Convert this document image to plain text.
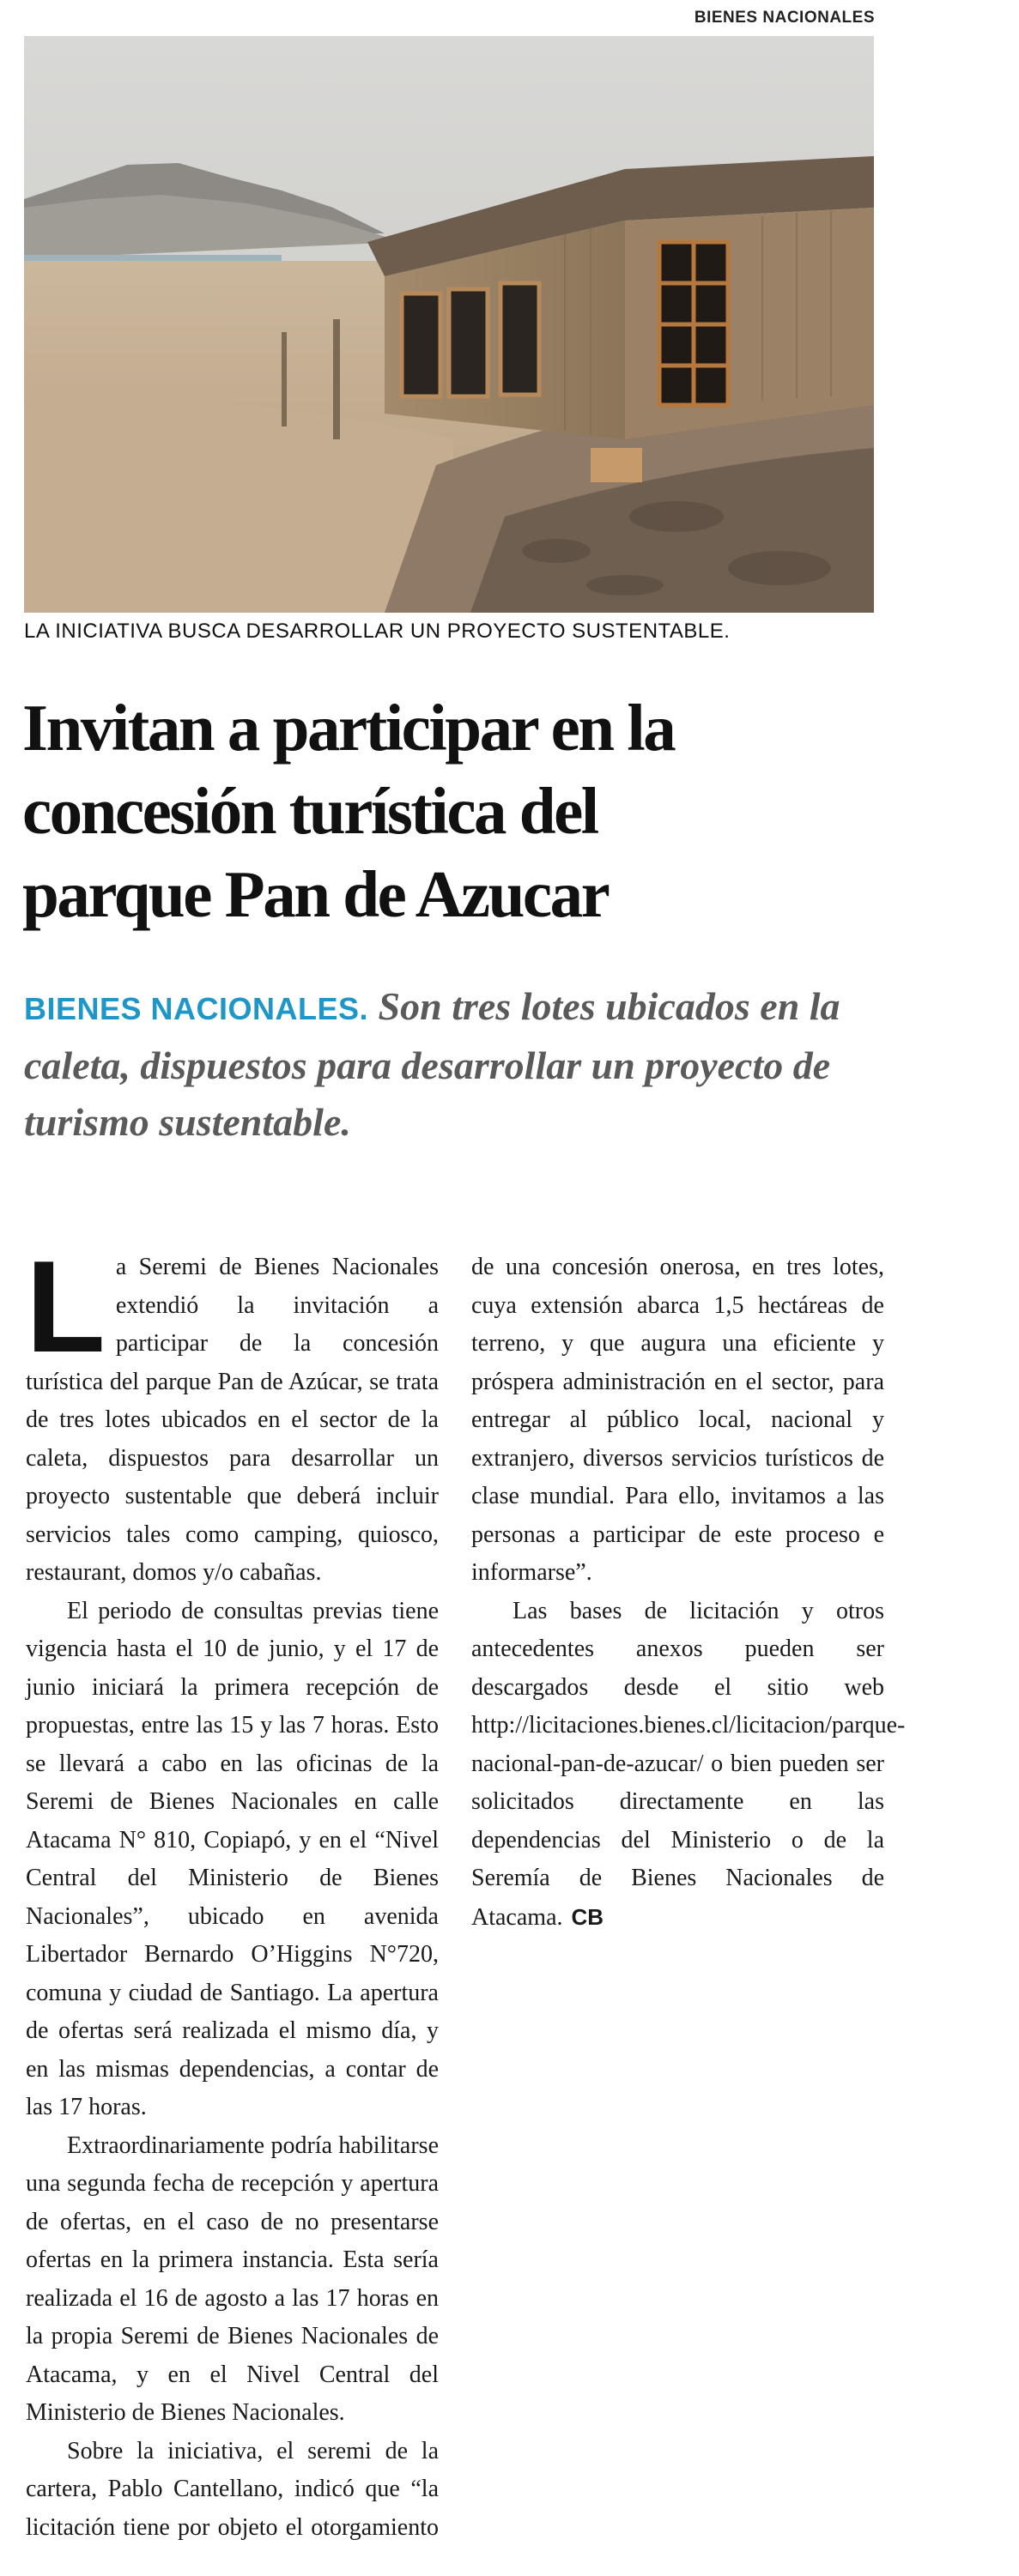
BIENES NACIONALES
LA INICIATIVA BUSCA DESARROLLAR UN PROYECTO SUSTENTABLE.
Invitan a participar en la
concesión turística del
parque Pan de Azucar

BIENES NACIONALES. Son tres lotes ubicados en la caleta, dispuestos para desarrollar un proyecto de turismo sustentable.

La Seremi de Bienes Nacionales extendió la invitación a participar de la concesión turística del parque Pan de Azúcar, se trata de tres lotes ubicados en el sector de la caleta, dispuestos para desarrollar un proyecto sustentable que deberá incluir servicios tales como camping, quiosco, restaurant, domos y/o cabañas.

El periodo de consultas previas tiene vigencia hasta el 10 de junio, y el 17 de junio iniciará la primera recepción de propuestas, entre las 15 y las 7 horas. Esto se llevará a cabo en las oficinas de la Seremi de Bienes Nacionales en calle Atacama N° 810, Copiapó, y en el “Nivel Central del Ministerio de Bienes Nacionales”, ubicado en avenida Libertador Bernardo O’Higgins N°720, comuna y ciudad de Santiago. La apertura de ofertas será realizada el mismo día, y en las mismas dependencias, a contar de las 17 horas.

Extraordinariamente podría habilitarse una segunda fecha de recepción y apertura de ofertas, en el caso de no presentarse ofertas en la primera instancia. Esta sería realizada el 16 de agosto a las 17 horas en la propia Seremi de Bienes Nacionales de Atacama, y en el Nivel Central del Ministerio de Bienes Nacionales.

Sobre la iniciativa, el seremi de la cartera, Pablo Cantellano, indicó que “la licitación tiene por objeto el otorgamiento de una concesión onerosa, en tres lotes, cuya extensión abarca 1,5 hectáreas de terreno, y que augura una eficiente y próspera administración en el sector, para entregar al público local, nacional y extranjero, diversos servicios turísticos de clase mundial. Para ello, invitamos a las personas a participar de este proceso e informarse”.

Las bases de licitación y otros antecedentes anexos pueden ser descargados desde el sitio web http://licitaciones.bienes.cl/licitacion/parque-nacional-pan-de-azucar/ o bien pueden ser solicitados directamente en las dependencias del Ministerio o de la Seremía de Bienes Nacionales de Atacama. CB
